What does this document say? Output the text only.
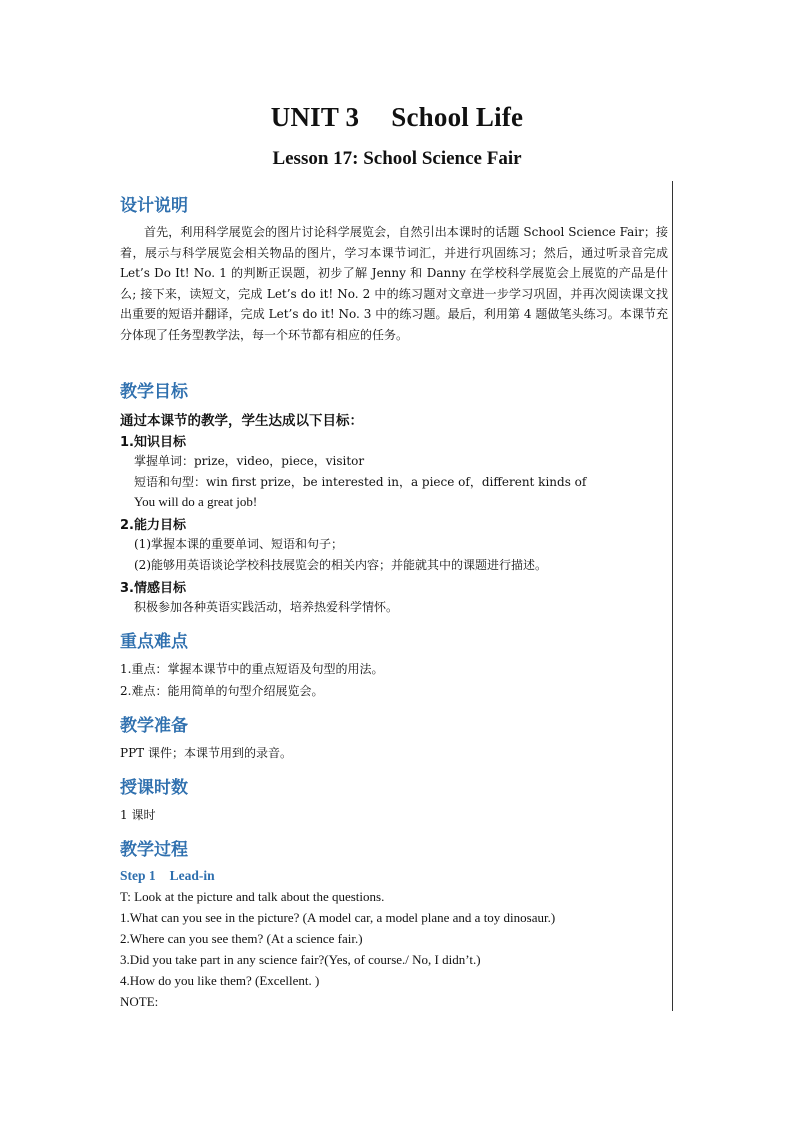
UNIT 3 School Life
Lesson 17: School Science Fair
设计说明
首先，利用科学展览会的图片讨论科学展览会，自然引出本课时的话题 School Science Fair；接着，展示与科学展览会相关物品的图片，学习本课节词汇，并进行巩固练习；然后，通过听录音完成 Let’s Do It! No. 1 的判断正误题，初步了解 Jenny 和 Danny 在学校科学展览会上展览的产品是什么; 接下来，读短文，完成 Let’s do it! No. 2 中的练习题对文章进一步学习巩固，并再次阅读课文找出重要的短语并翻译，完成 Let’s do it! No. 3 中的练习题。最后，利用第 4 题做笔头练习。本课节充分体现了任务型教学法，每一个环节都有相应的任务。
教学目标
通过本课节的教学，学生达成以下目标：
1.知识目标
掌握单词：prize，video，piece，visitor
短语和句型：win first prize，be interested in，a piece of，different kinds of
You will do a great job!
2.能力目标
(1)掌握本课的重要单词、短语和句子；
(2)能够用英语谈论学校科技展览会的相关内容；并能就其中的课题进行描述。
3.情感目标
积极参加各种英语实践活动，培养热爱科学情怀。
重点难点
1.重点：掌握本课节中的重点短语及句型的用法。
2.难点：能用简单的句型介绍展览会。
教学准备
PPT 课件；本课节用到的录音。
授课时数
1 课时
教学过程
Step 1 Lead-in
T: Look at the picture and talk about the questions.
1.What can you see in the picture? (A model car, a model plane and a toy dinosaur.)
2.Where can you see them? (At a science fair.)
3.Did you take part in any science fair?(Yes, of course./ No, I didn’t.)
4.How do you like them? (Excellent. )
NOTE:
